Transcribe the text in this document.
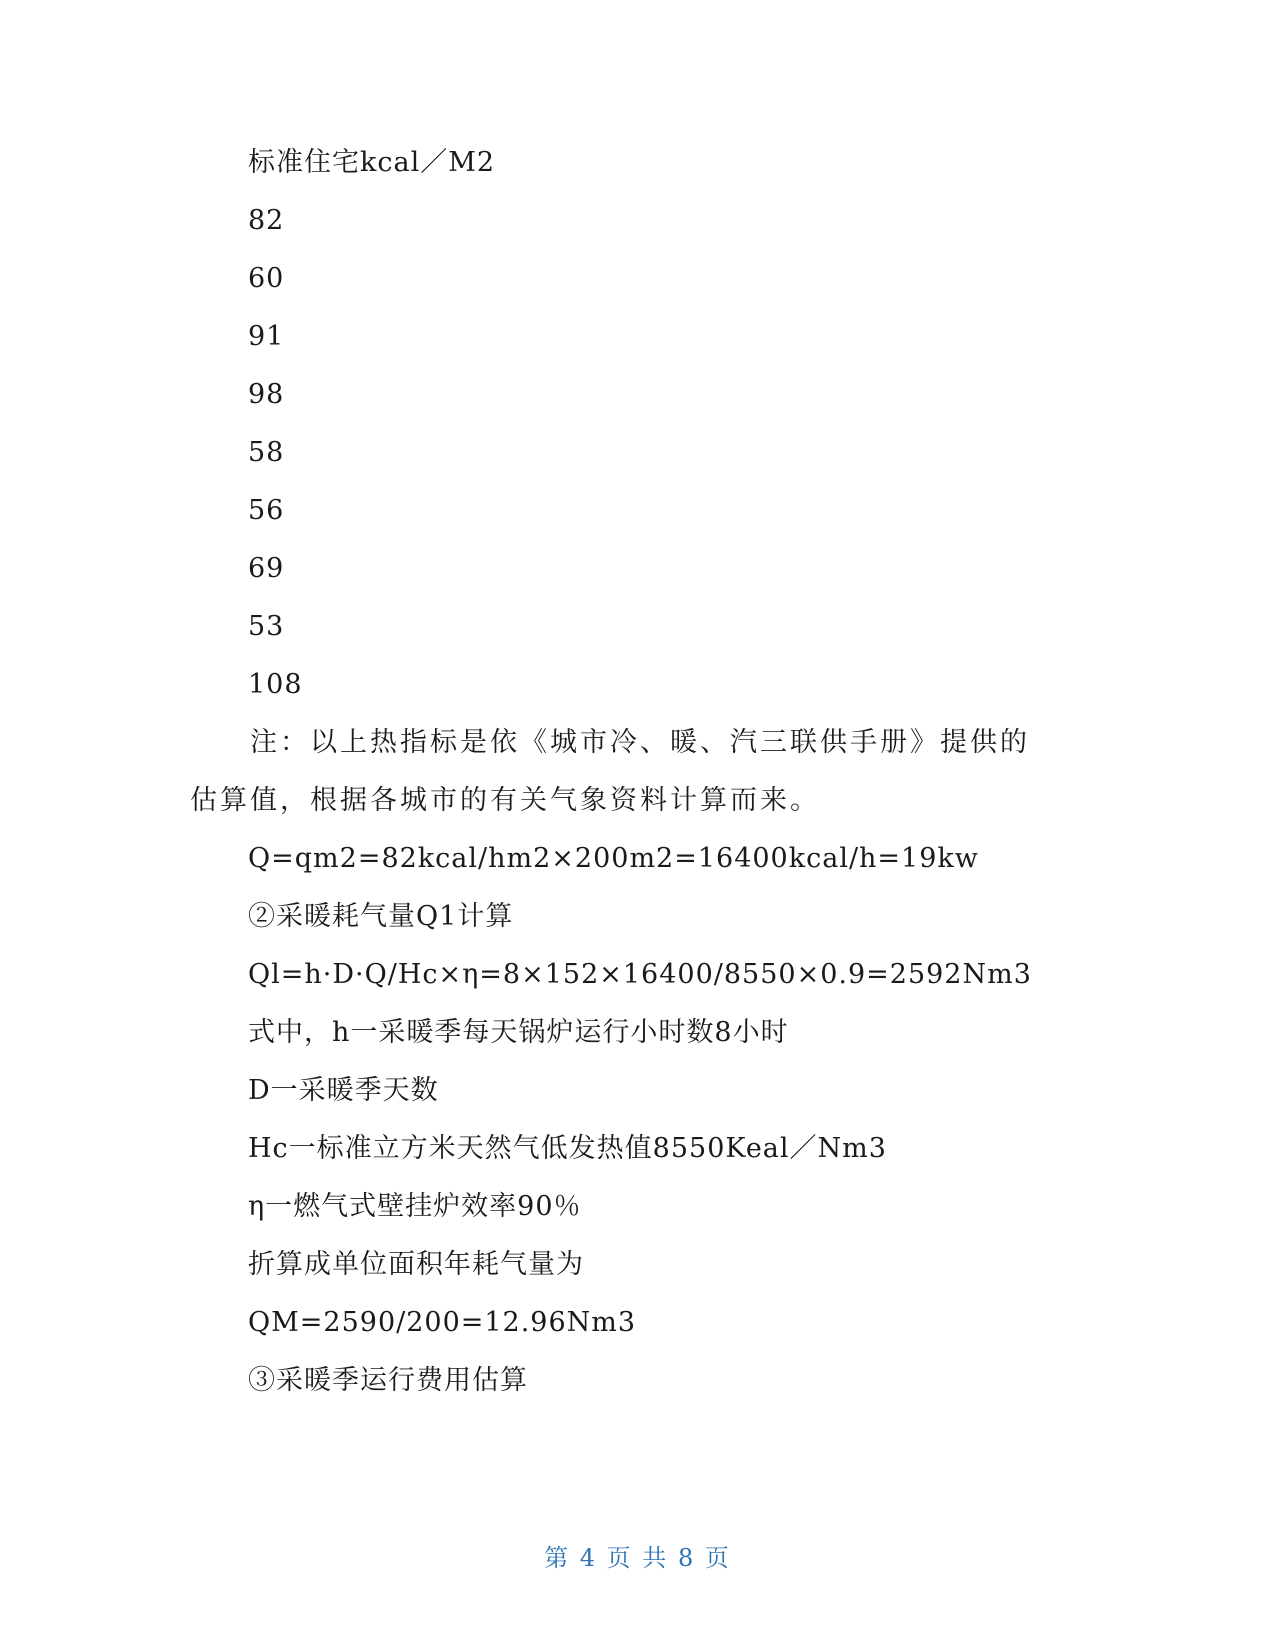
标准住宅kcal／M2
82
60
91
98
58
56
69
53
108
注：以上热指标是依《城市冷、暖、汽三联供手册》提供的
估算值，根据各城市的有关气象资料计算而来。
Q=qm2=82kcal/hm2×200m2=16400kcal/h=19kw
②采暖耗气量Q1计算
Ql=h·D·Q/Hc×η=8×152×16400/8550×0.9=2592Nm3
式中，h一采暖季每天锅炉运行小时数8小时
D一采暖季天数
Hc一标准立方米天然气低发热值8550Keal／Nm3
η一燃气式壁挂炉效率90％
折算成单位面积年耗气量为
QM=2590/200=12.96Nm3
③采暖季运行费用估算
第 4 页 共 8 页
